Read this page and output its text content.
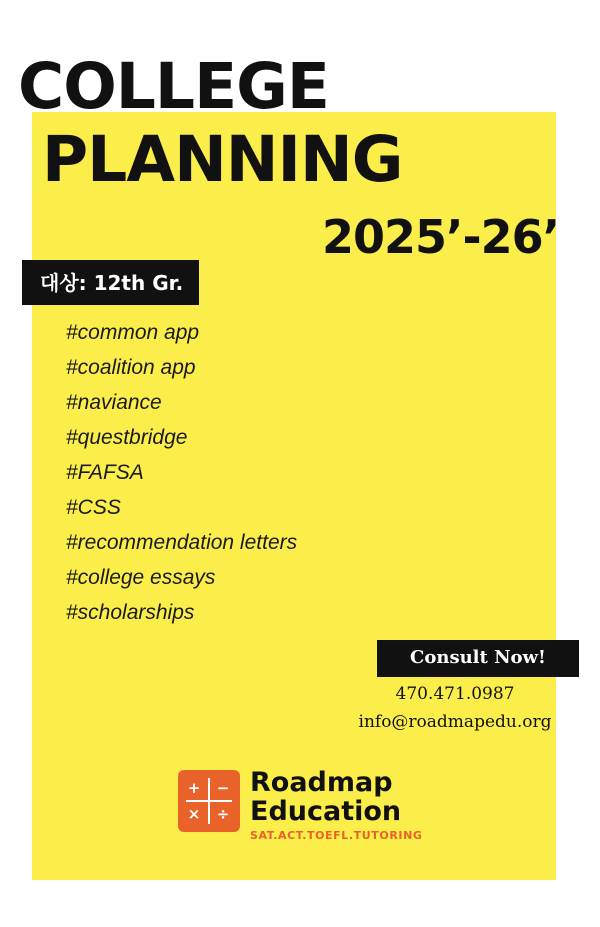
COLLEGE
PLANNING
2025’-26’
대상: 12th Gr.
#common app
#coalition app
#naviance
#questbridge
#FAFSA
#CSS
#recommendation letters
#college essays
#scholarships
Consult Now!
470.471.0987
info@roadmapedu.org
+	−
×	÷
Roadmap
Education
SAT.ACT.TOEFL.TUTORING
